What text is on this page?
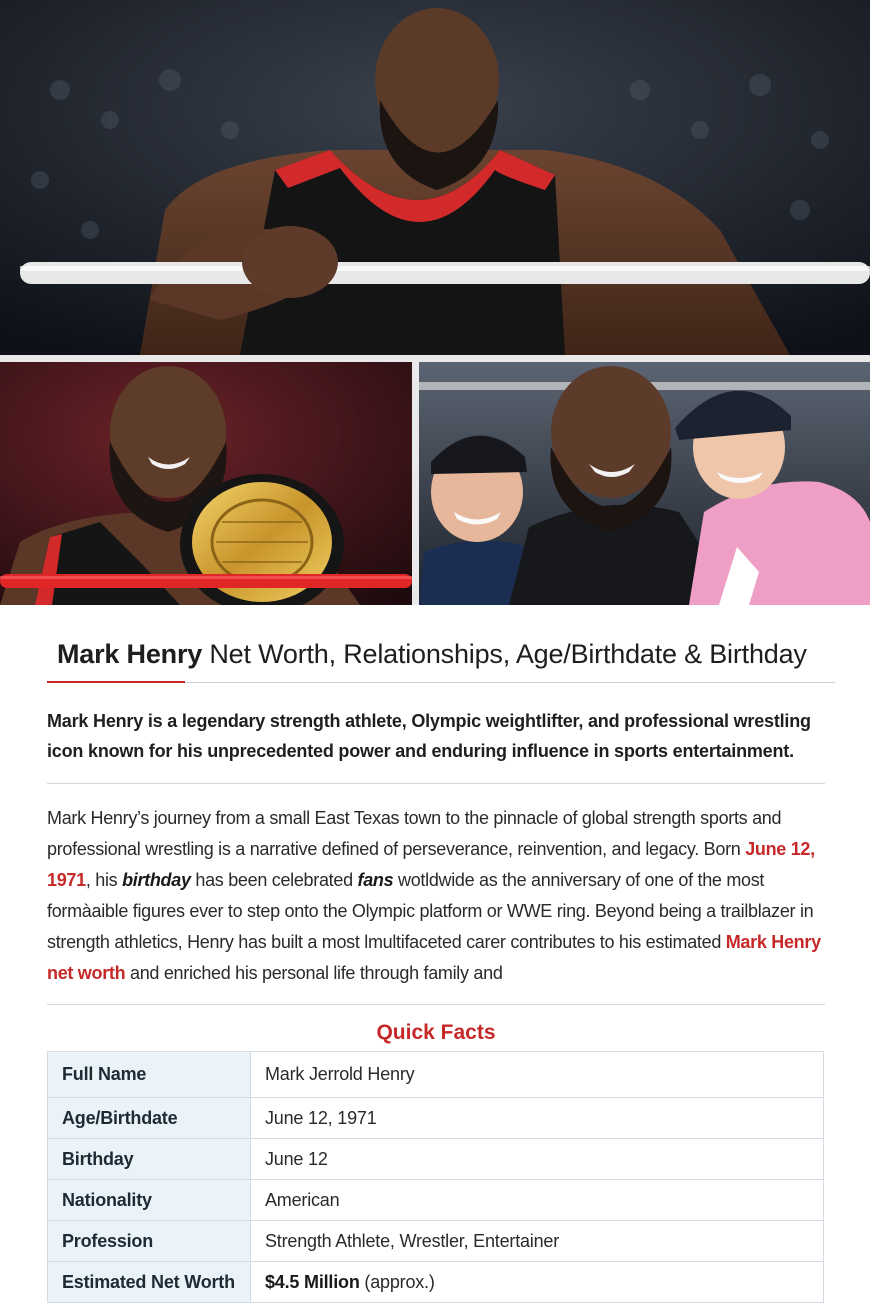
Mark Henry Net Worth, Relationships, Age/Birthdate & Birthday

Mark Henry is a legendary strength athlete, Olympic weightlifter, and professional wrestling icon known for his unprecedented power and enduring influence in sports entertainment.

Mark Henry’s journey from a small East Texas town to the pinnacle of global strength sports and professional wrestling is a narrative defined of perseverance, reinvention, and legacy. Born June 12, 1971, his birthday has been celebrated fans wotldwide as the anniversary of one of the most formàaible figures ever to step onto the Olympic platform or WWE ring. Beyond being a trailblazer in strength athletics, Henry has built a most lmultifaceted carer contributes to his estimated Mark Henry net worth and enriched his personal life through family and

Quick Facts
Full Name	Mark Jerrold Henry
Age/Birthdate	June 12, 1971
Birthday	June 12
Nationality	American
Profession	Strength Athlete, Wrestler, Entertainer
Estimated Net Worth	$4.5 Million (approx.)
